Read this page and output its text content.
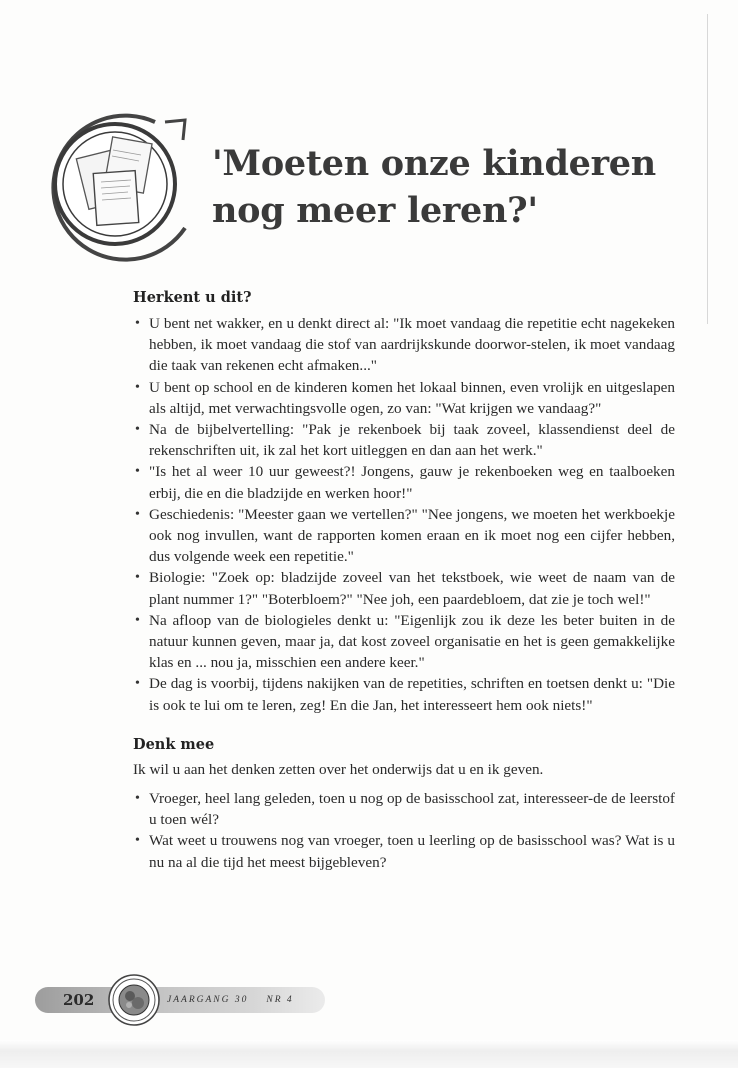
'Moeten onze kinderen
nog meer leren?'
Herkent u dit?
• U bent net wakker, en u denkt direct al: "Ik moet vandaag die repetitie echt nagekeken hebben, ik moet vandaag die stof van aardrijkskunde doorwor-stelen, ik moet vandaag die taak van rekenen echt afmaken..."
• U bent op school en de kinderen komen het lokaal binnen, even vrolijk en uitgeslapen als altijd, met verwachtingsvolle ogen, zo van: "Wat krijgen we vandaag?"
• Na de bijbelvertelling: "Pak je rekenboek bij taak zoveel, klassendienst deel de rekenschriften uit, ik zal het kort uitleggen en dan aan het werk."
• "Is het al weer 10 uur geweest?! Jongens, gauw je rekenboeken weg en taalboeken erbij, die en die bladzijde en werken hoor!"
• Geschiedenis: "Meester gaan we vertellen?" "Nee jongens, we moeten het werkboekje ook nog invullen, want de rapporten komen eraan en ik moet nog een cijfer hebben, dus volgende week een repetitie."
• Biologie: "Zoek op: bladzijde zoveel van het tekstboek, wie weet de naam van de plant nummer 1?" "Boterbloem?" "Nee joh, een paardebloem, dat zie je toch wel!"
• Na afloop van de biologieles denkt u: "Eigenlijk zou ik deze les beter buiten in de natuur kunnen geven, maar ja, dat kost zoveel organisatie en het is geen gemakkelijke klas en ... nou ja, misschien een andere keer."
• De dag is voorbij, tijdens nakijken van de repetities, schriften en toetsen denkt u: "Die is ook te lui om te leren, zeg! En die Jan, het interesseert hem ook niets!"
Denk mee

Ik wil u aan het denken zetten over het onderwijs dat u en ik geven.

• Vroeger, heel lang geleden, toen u nog op de basisschool zat, interesseer-de de leerstof u toen wél?
• Wat weet u trouwens nog van vroeger, toen u leerling op de basisschool was? Wat is u nu na al die tijd het meest bijgebleven?
202	JAARGANG 30 NR 4
